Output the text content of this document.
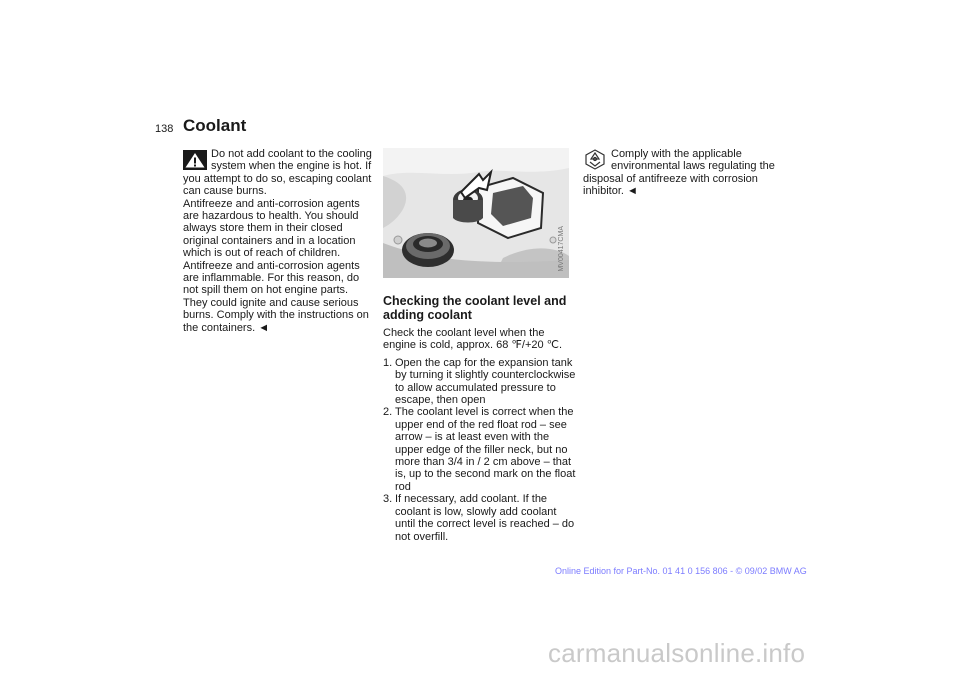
138 Coolant

Do not add coolant to the cooling system when the engine is hot. If you attempt to do so, escaping coolant can cause burns.

Antifreeze and anti-corrosion agents are hazardous to health. You should always store them in their closed original containers and in a location which is out of reach of children. Antifreeze and anti-corrosion agents are inflammable. For this reason, do not spill them on hot engine parts. They could ignite and cause serious burns. Comply with the instructions on the containers. ◄

MV00417CMA
Checking the coolant level and adding coolant

Check the coolant level when the engine is cold, approx. 68 ℉/+20 ℃.

1. Open the cap for the expansion tank by turning it slightly counterclockwise to allow accumulated pressure to escape, then open
2. The coolant level is correct when the upper end of the red float rod – see arrow – is at least even with the upper edge of the filler neck, but no more than 3/4 in / 2 cm above – that is, up to the second mark on the float rod
3. If necessary, add coolant. If the coolant is low, slowly add coolant until the correct level is reached – do not overfill.

Comply with the applicable environmental laws regulating the disposal of antifreeze with corrosion inhibitor. ◄

Online Edition for Part-No. 01 41 0 156 806 - © 09/02 BMW AG
carmanualsonline.info
